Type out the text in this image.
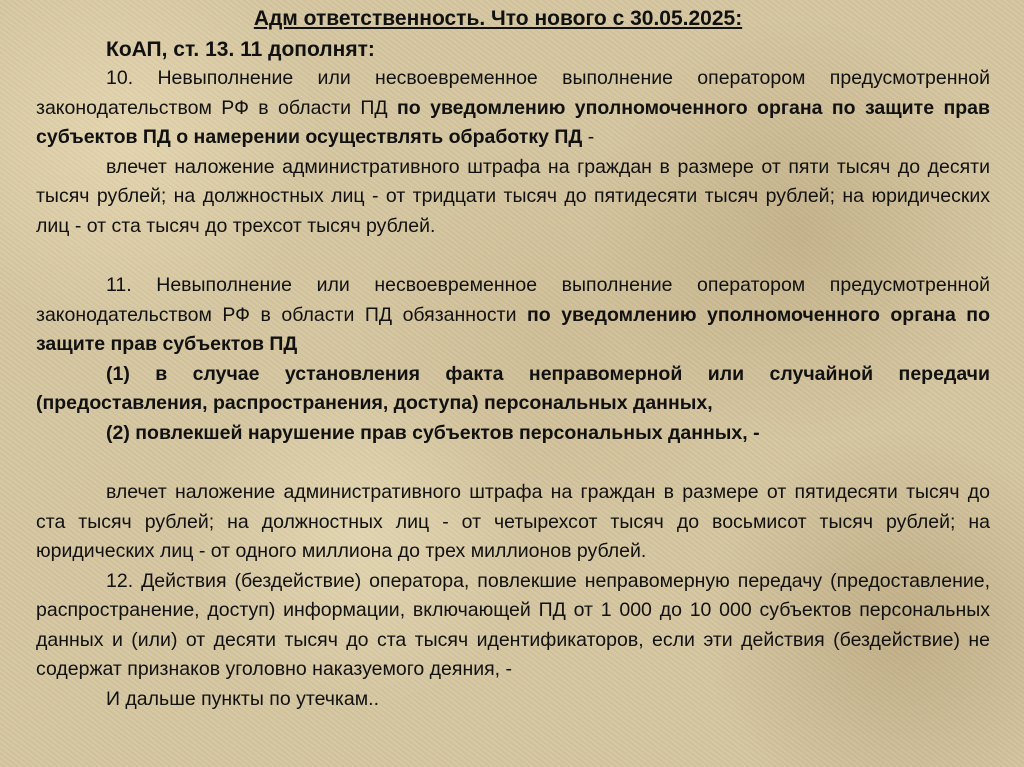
Адм ответственность. Что нового с 30.05.2025:
КоАП, ст. 13. 11 дополнят:

10. Невыполнение или несвоевременное выполнение оператором предусмотренной законодательством РФ в области ПД по уведомлению уполномоченного органа по защите прав субъектов ПД о намерении осуществлять обработку ПД -

влечет наложение административного штрафа на граждан в размере от пяти тысяч до десяти тысяч рублей; на должностных лиц - от тридцати тысяч до пятидесяти тысяч рублей; на юридических лиц - от ста тысяч до трехсот тысяч рублей.

11. Невыполнение или несвоевременное выполнение оператором предусмотренной законодательством РФ в области ПД обязанности по уведомлению уполномоченного органа по защите прав субъектов ПД

(1) в случае установления факта неправомерной или случайной передачи (предоставления, распространения, доступа) персональных данных,

(2) повлекшей нарушение прав субъектов персональных данных, -

влечет наложение административного штрафа на граждан в размере от пятидесяти тысяч до ста тысяч рублей; на должностных лиц - от четырехсот тысяч до восьмисот тысяч рублей; на юридических лиц - от одного миллиона до трех миллионов рублей.

12. Действия (бездействие) оператора, повлекшие неправомерную передачу (предоставление, распространение, доступ) информации, включающей ПД от 1 000 до 10 000 субъектов персональных данных и (или) от десяти тысяч до ста тысяч идентификаторов, если эти действия (бездействие) не содержат признаков уголовно наказуемого деяния, -

И дальше пункты по утечкам..
